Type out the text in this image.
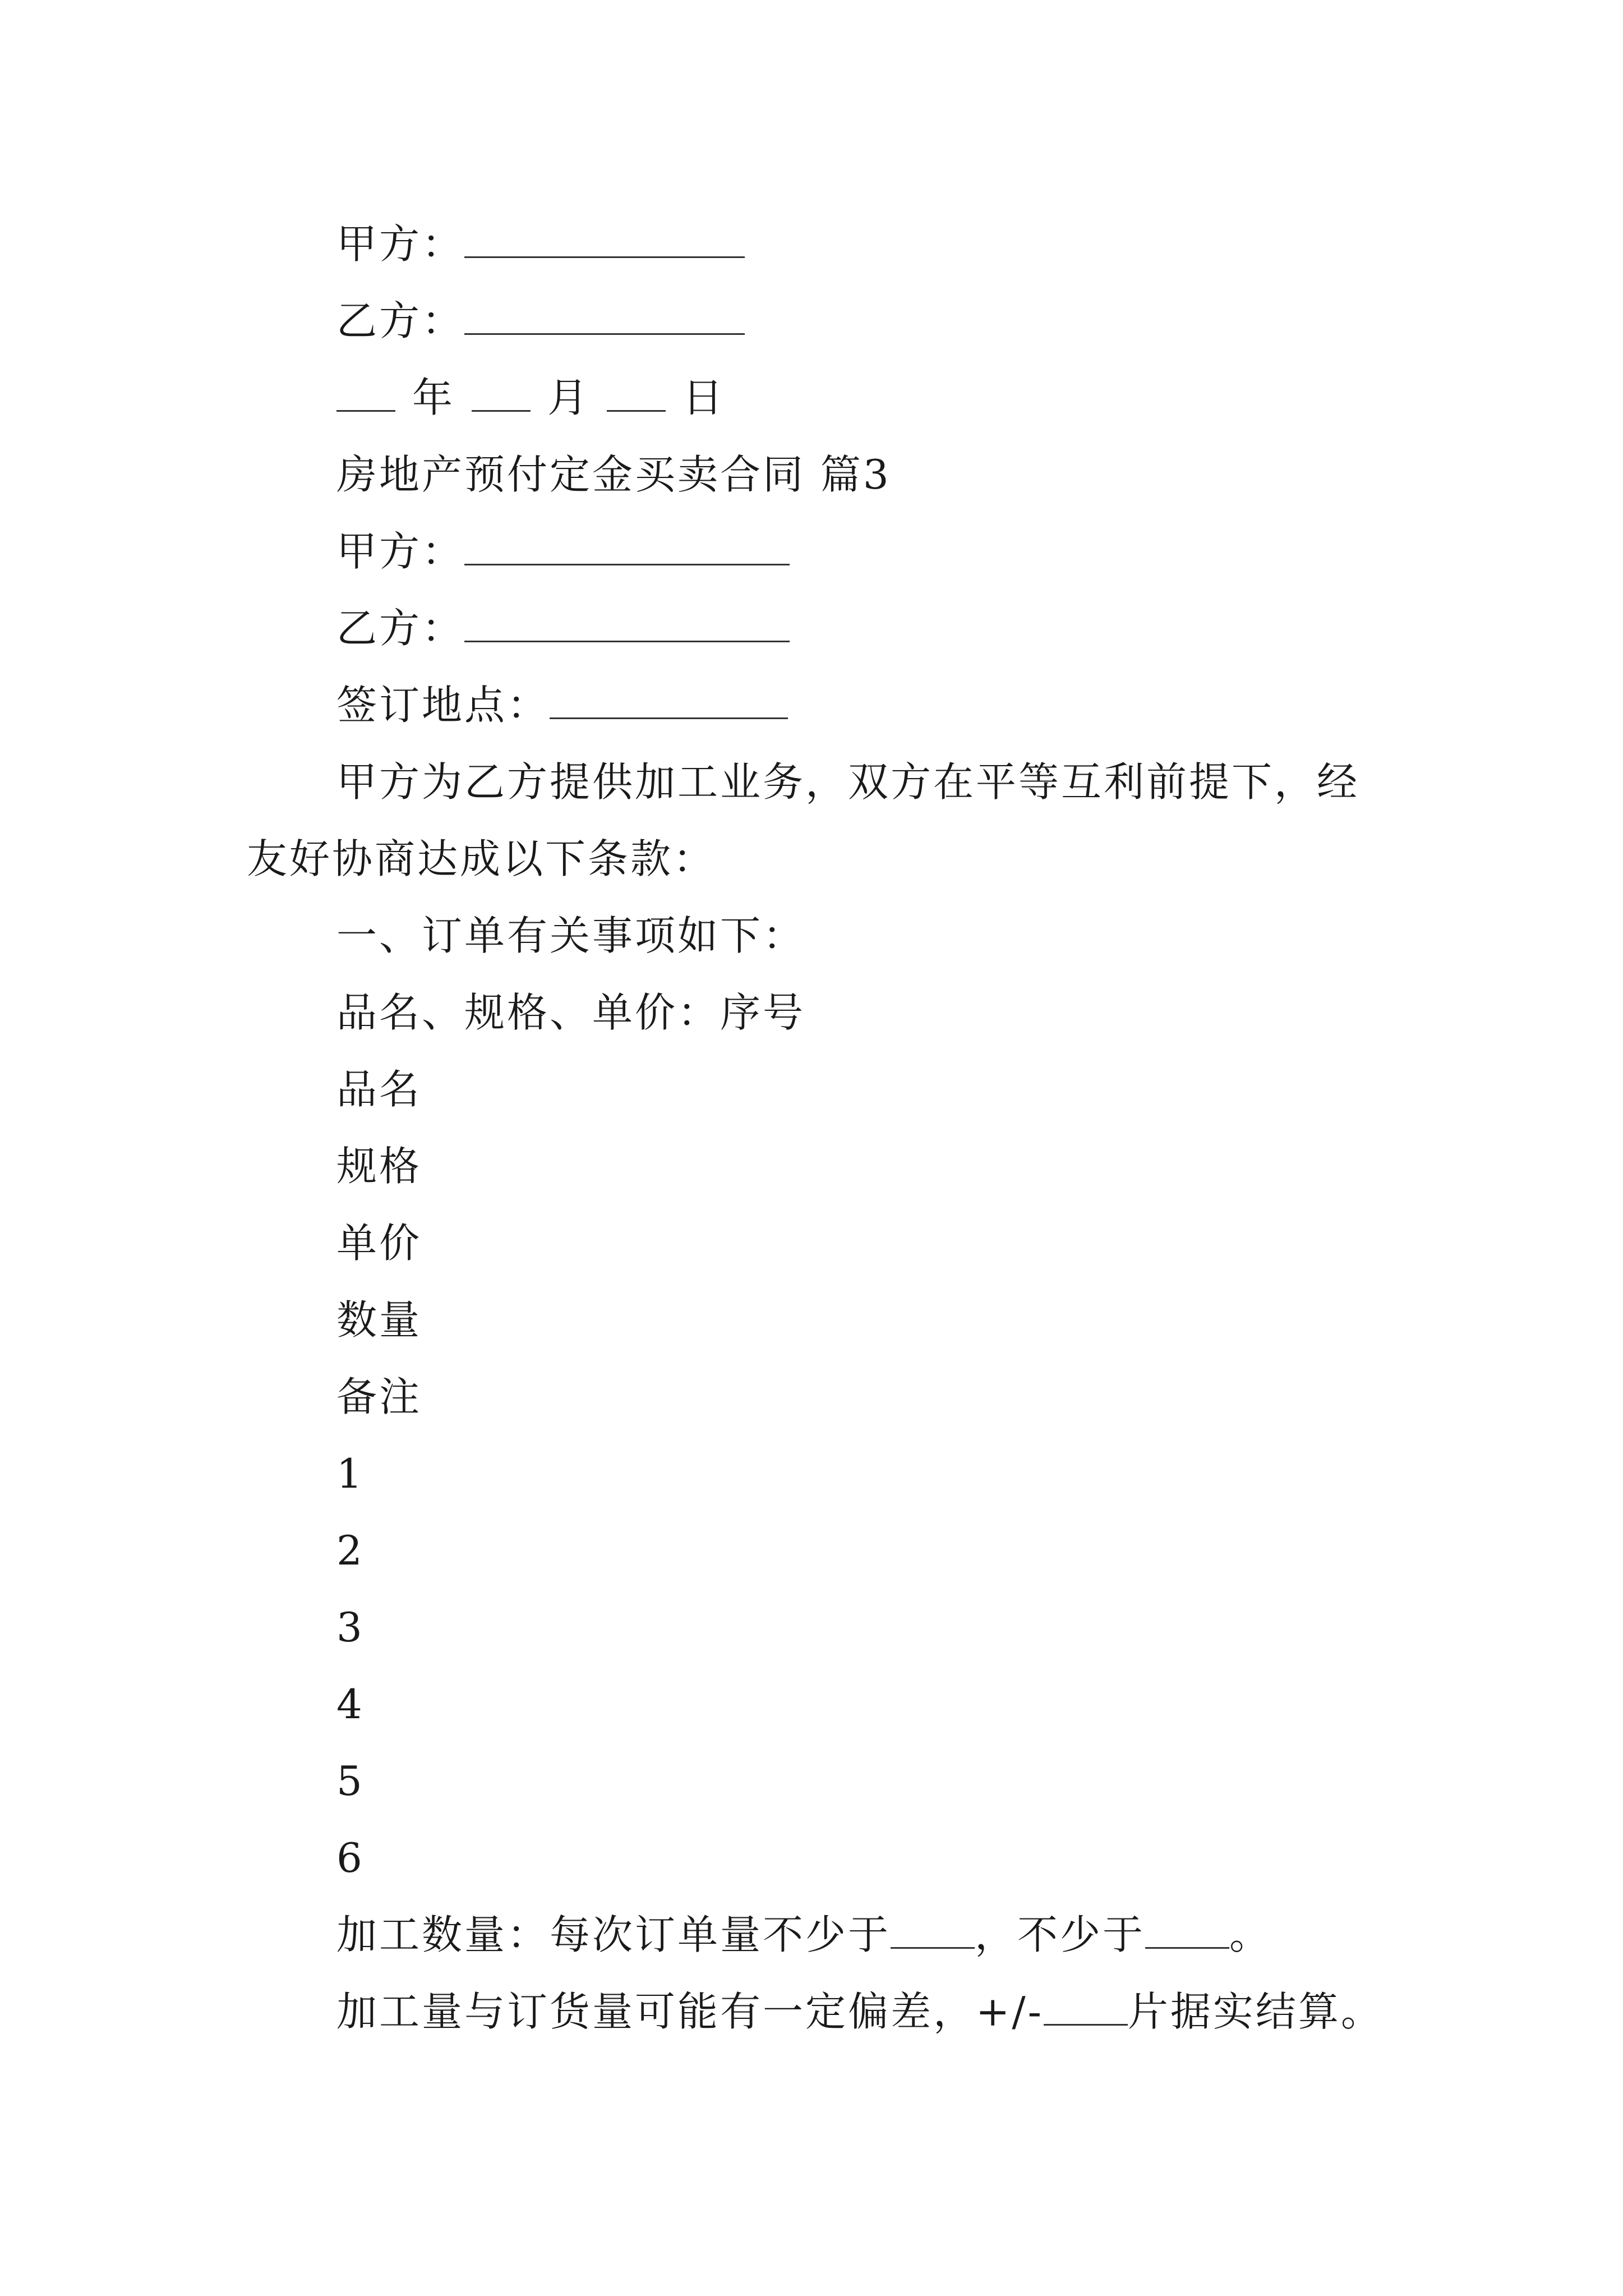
甲方：
乙方：
年 月 日
房地产预付定金买卖合同 篇3
甲方：
乙方：
签订地点：
甲方为乙方提供加工业务，双方在平等互利前提下，经
友好协商达成以下条款：
一、订单有关事项如下：
品名、规格、单价：序号
品名
规格
单价
数量
备注
1
2
3
4
5
6
加工数量：每次订单量不少于 ，不少于 。
加工量与订货量可能有一定偏差，+/- 片据实结算。
